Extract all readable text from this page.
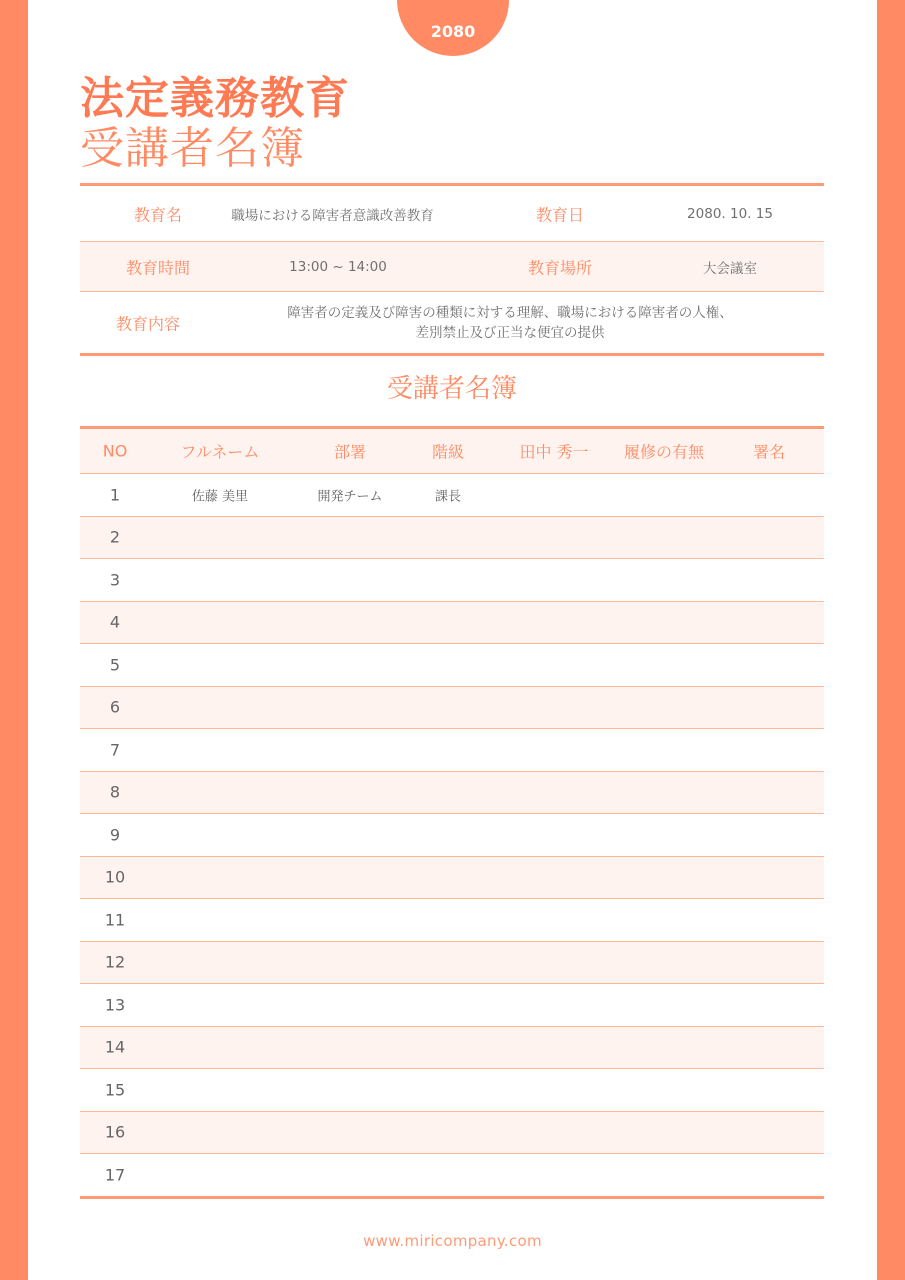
2080
法定義務教育
受講者名簿
教育名	職場における障害者意識改善教育	教育日	2080. 10. 15
教育時間	13:00 ~ 14:00	教育場所	大会議室
教育内容
障害者の定義及び障害の種類に対する理解、職場における障害者の人権、
差別禁止及び正当な便宜の提供
受講者名簿
NO	フルネーム	部署	階級	田中 秀一	履修の有無	署名
1	佐藤 美里	開発チーム	課長
2
3
4
5
6
7
8
9
10
11
12
13
14
15
16
17
www.miricompany.com
